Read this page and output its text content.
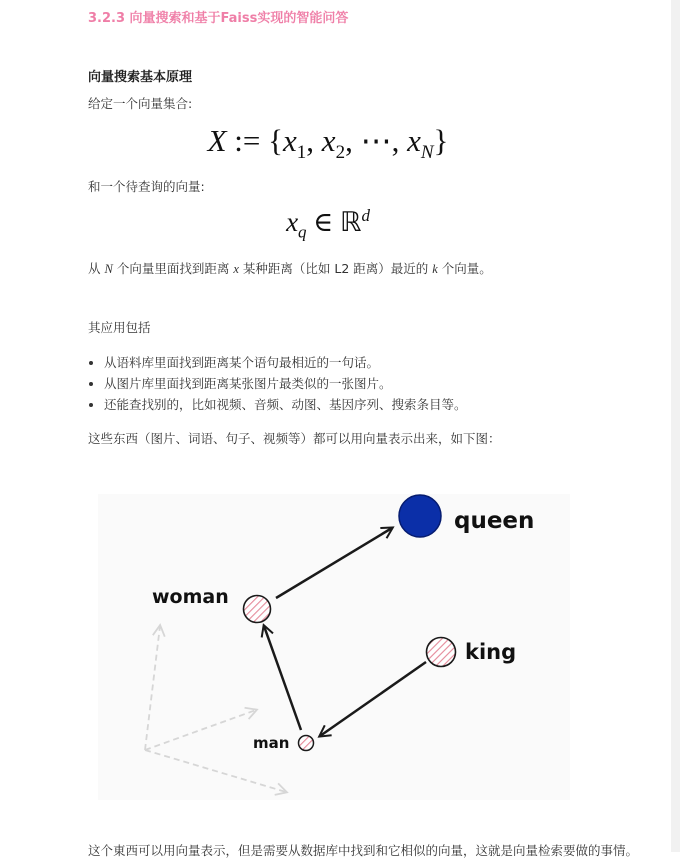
3.2.3 向量搜索和基于Faiss实现的智能问答
向量搜索基本原理
给定一个向量集合:
X := {$x_1$, $x_2$, ⋯, $x_N$}
和一个待查询的向量:
$x_q$ ∈ ℝ$^d$
从 N 个向量里面找到距离 x 某种距离（比如 L2 距离）最近的 k 个向量。
其应用包括
• 从语料库里面找到距离某个语句最相近的一句话。
• 从图片库里面找到距离某张图片最类似的一张图片。
• 还能查找别的，比如视频、音频、动图、基因序列、搜索条目等。
这些东西（图片、词语、句子、视频等）都可以用向量表示出来，如下图：
queen
woman
king
man
这个東西可以用向量表示，但是需要从数据库中找到和它相似的向量，这就是向量检索要做的事情。
